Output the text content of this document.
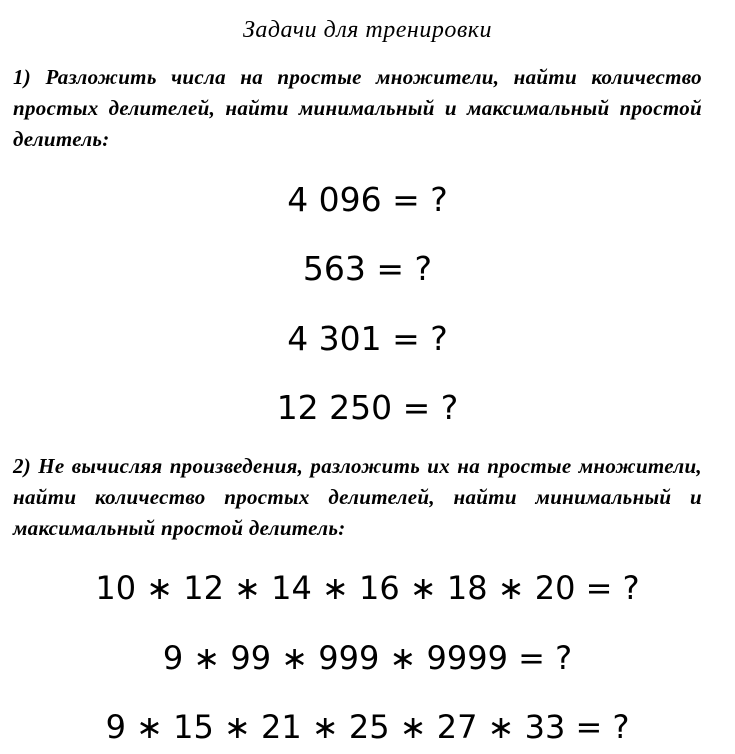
Задачи для тренировки
1) Разложить числа на простые множители, найти количество простых делителей, найти минимальный и максимальный простой делитель:
4 096 = ?
563 = ?
4 301 = ?
12 250 = ?
2) Не вычисляя произведения, разложить их на простые множители, найти количество простых делителей, найти минимальный и максимальный простой делитель:
10 ∗ 12 ∗ 14 ∗ 16 ∗ 18 ∗ 20 = ?
9 ∗ 99 ∗ 999 ∗ 9999 = ?
9 ∗ 15 ∗ 21 ∗ 25 ∗ 27 ∗ 33 = ?
